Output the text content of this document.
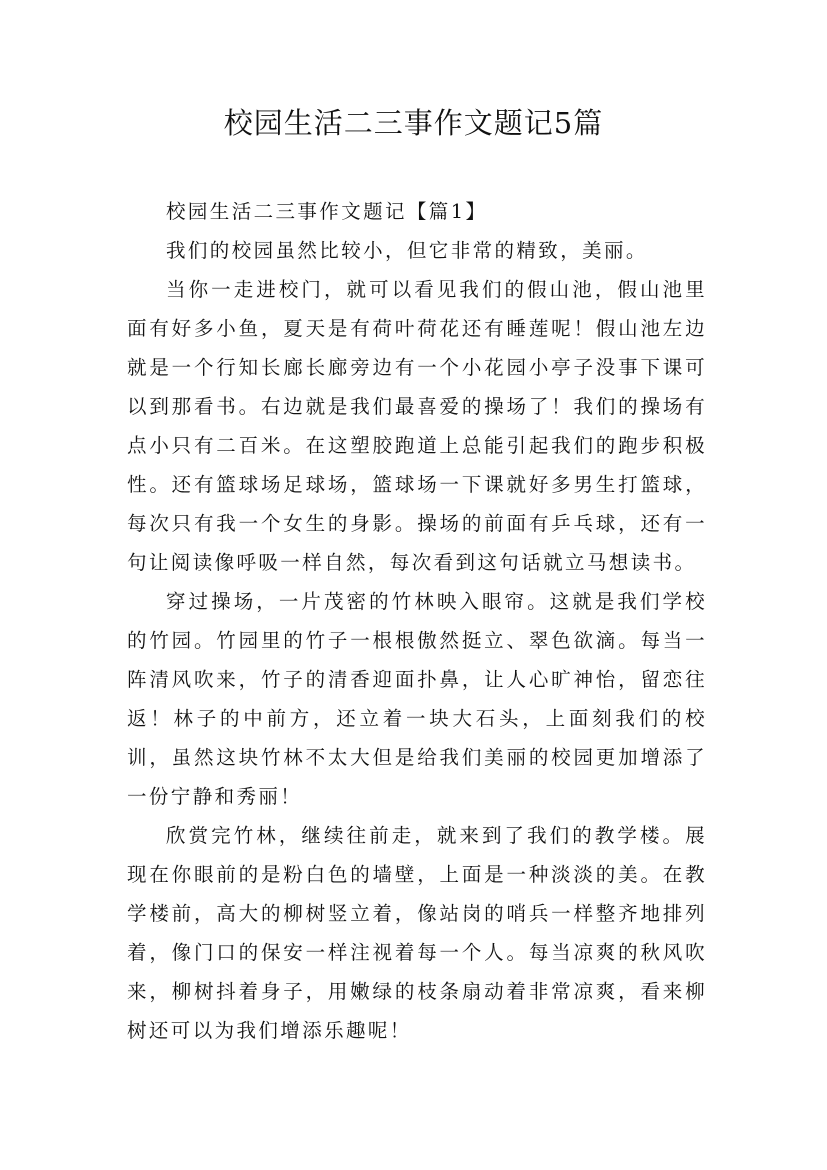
校园生活二三事作文题记5篇

校园生活二三事作文题记【篇1】

我们的校园虽然比较小，但它非常的精致，美丽。

当你一走进校门，就可以看见我们的假山池，假山池里面有好多小鱼，夏天是有荷叶荷花还有睡莲呢！假山池左边就是一个行知长廊长廊旁边有一个小花园小亭子没事下课可以到那看书。右边就是我们最喜爱的操场了！我们的操场有点小只有二百米。在这塑胶跑道上总能引起我们的跑步积极性。还有篮球场足球场，篮球场一下课就好多男生打篮球，每次只有我一个女生的身影。操场的前面有乒乓球，还有一句让阅读像呼吸一样自然，每次看到这句话就立马想读书。

穿过操场，一片茂密的竹林映入眼帘。这就是我们学校的竹园。竹园里的竹子一根根傲然挺立、翠色欲滴。每当一阵清风吹来，竹子的清香迎面扑鼻，让人心旷神怡，留恋往返！林子的中前方，还立着一块大石头，上面刻我们的校训，虽然这块竹林不太大但是给我们美丽的校园更加增添了一份宁静和秀丽！

欣赏完竹林，继续往前走，就来到了我们的教学楼。展现在你眼前的是粉白色的墙壁，上面是一种淡淡的美。在教学楼前，高大的柳树竖立着，像站岗的哨兵一样整齐地排列着，像门口的保安一样注视着每一个人。每当凉爽的秋风吹来，柳树抖着身子，用嫩绿的枝条扇动着非常凉爽，看来柳树还可以为我们增添乐趣呢！
